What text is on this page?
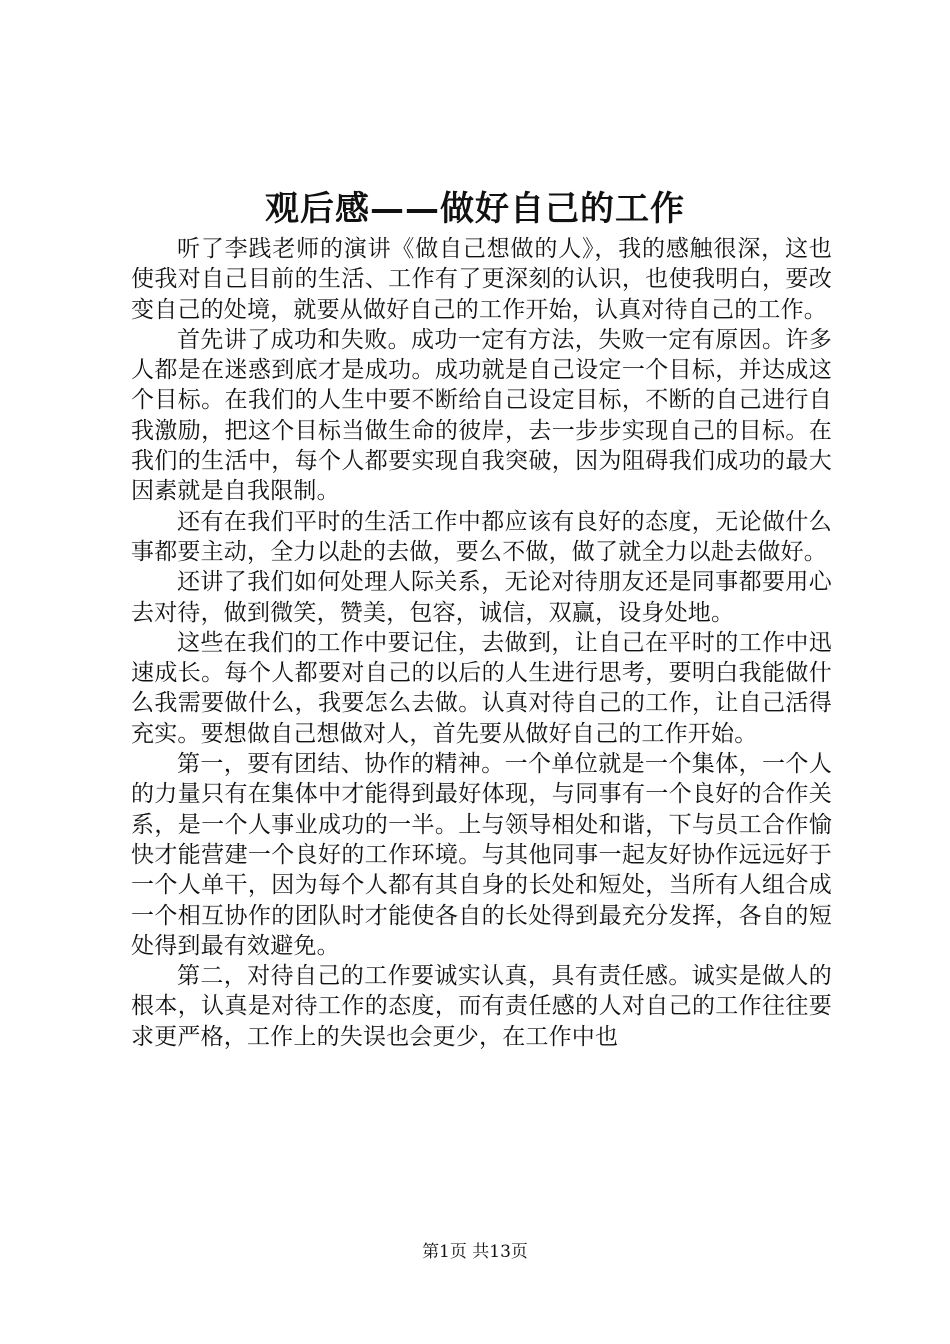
观后感——做好自己的工作

听了李践老师的演讲《做自己想做的人》，我的感触很深，这也使我对自己目前的生活、工作有了更深刻的认识，也使我明白，要改变自己的处境，就要从做好自己的工作开始，认真对待自己的工作。

首先讲了成功和失败。成功一定有方法，失败一定有原因。许多人都是在迷惑到底才是成功。成功就是自己设定一个目标，并达成这个目标。在我们的人生中要不断给自己设定目标，不断的自己进行自我激励，把这个目标当做生命的彼岸，去一步步实现自己的目标。在我们的生活中，每个人都要实现自我突破，因为阻碍我们成功的最大因素就是自我限制。

还有在我们平时的生活工作中都应该有良好的态度，无论做什么事都要主动，全力以赴的去做，要么不做，做了就全力以赴去做好。

还讲了我们如何处理人际关系，无论对待朋友还是同事都要用心去对待，做到微笑，赞美，包容，诚信，双赢，设身处地。

这些在我们的工作中要记住，去做到，让自己在平时的工作中迅速成长。每个人都要对自己的以后的人生进行思考，要明白我能做什么我需要做什么，我要怎么去做。认真对待自己的工作，让自己活得充实。要想做自己想做对人，首先要从做好自己的工作开始。

第一，要有团结、协作的精神。一个单位就是一个集体，一个人的力量只有在集体中才能得到最好体现，与同事有一个良好的合作关系，是一个人事业成功的一半。上与领导相处和谐，下与员工合作愉快才能营建一个良好的工作环境。与其他同事一起友好协作远远好于一个人单干，因为每个人都有其自身的长处和短处，当所有人组合成一个相互协作的团队时才能使各自的长处得到最充分发挥，各自的短处得到最有效避免。

第二，对待自己的工作要诚实认真，具有责任感。诚实是做人的根本，认真是对待工作的态度，而有责任感的人对自己的工作往往要求更严格，工作上的失误也会更少，在工作中也

第1页 共13页
